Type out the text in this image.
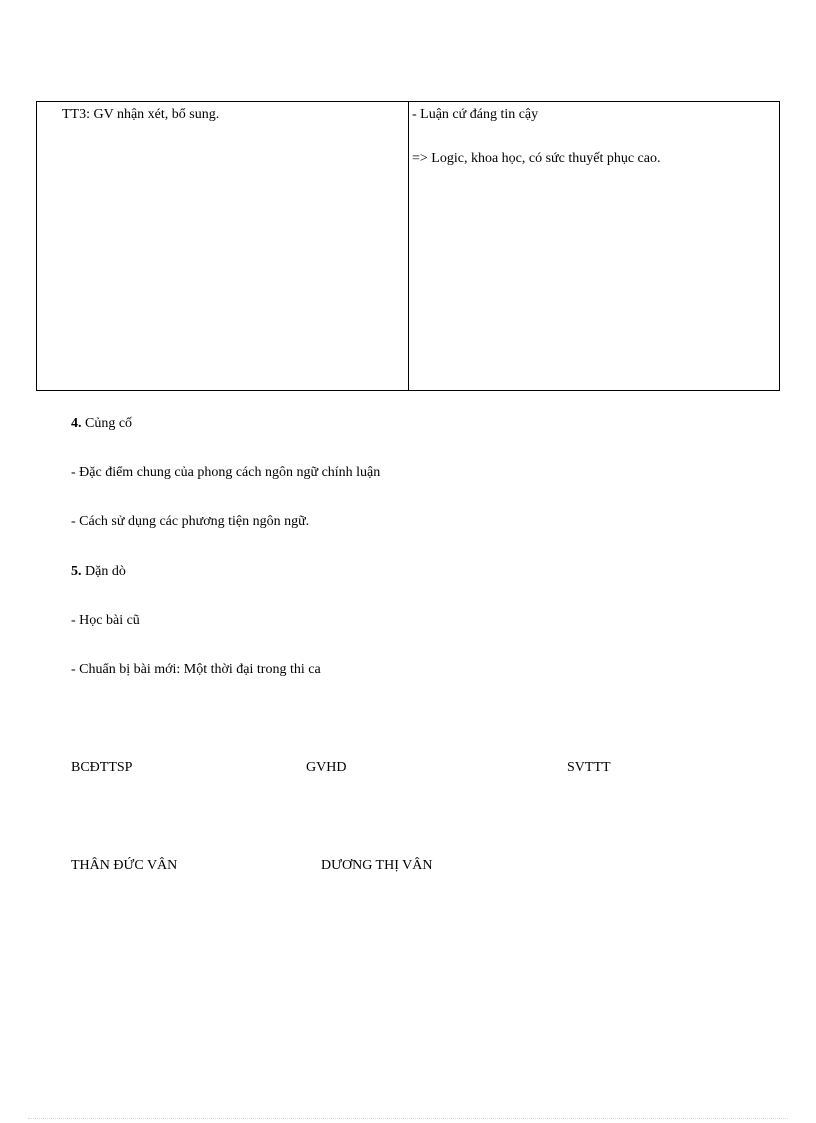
TT3: GV nhận xét, bổ sung.	- Luận cứ đáng tin cậy
=> Logic, khoa học, có sức thuyết phục cao.
4. Củng cố
- Đặc điểm chung của phong cách ngôn ngữ chính luận
- Cách sử dụng các phương tiện ngôn ngữ.
5. Dặn dò
- Học bài cũ
- Chuẩn bị bài mới: Một thời đại trong thi ca
BCĐTTSP	GVHD	SVTTT
THÂN ĐỨC VÂN	DƯƠNG THỊ VÂN
